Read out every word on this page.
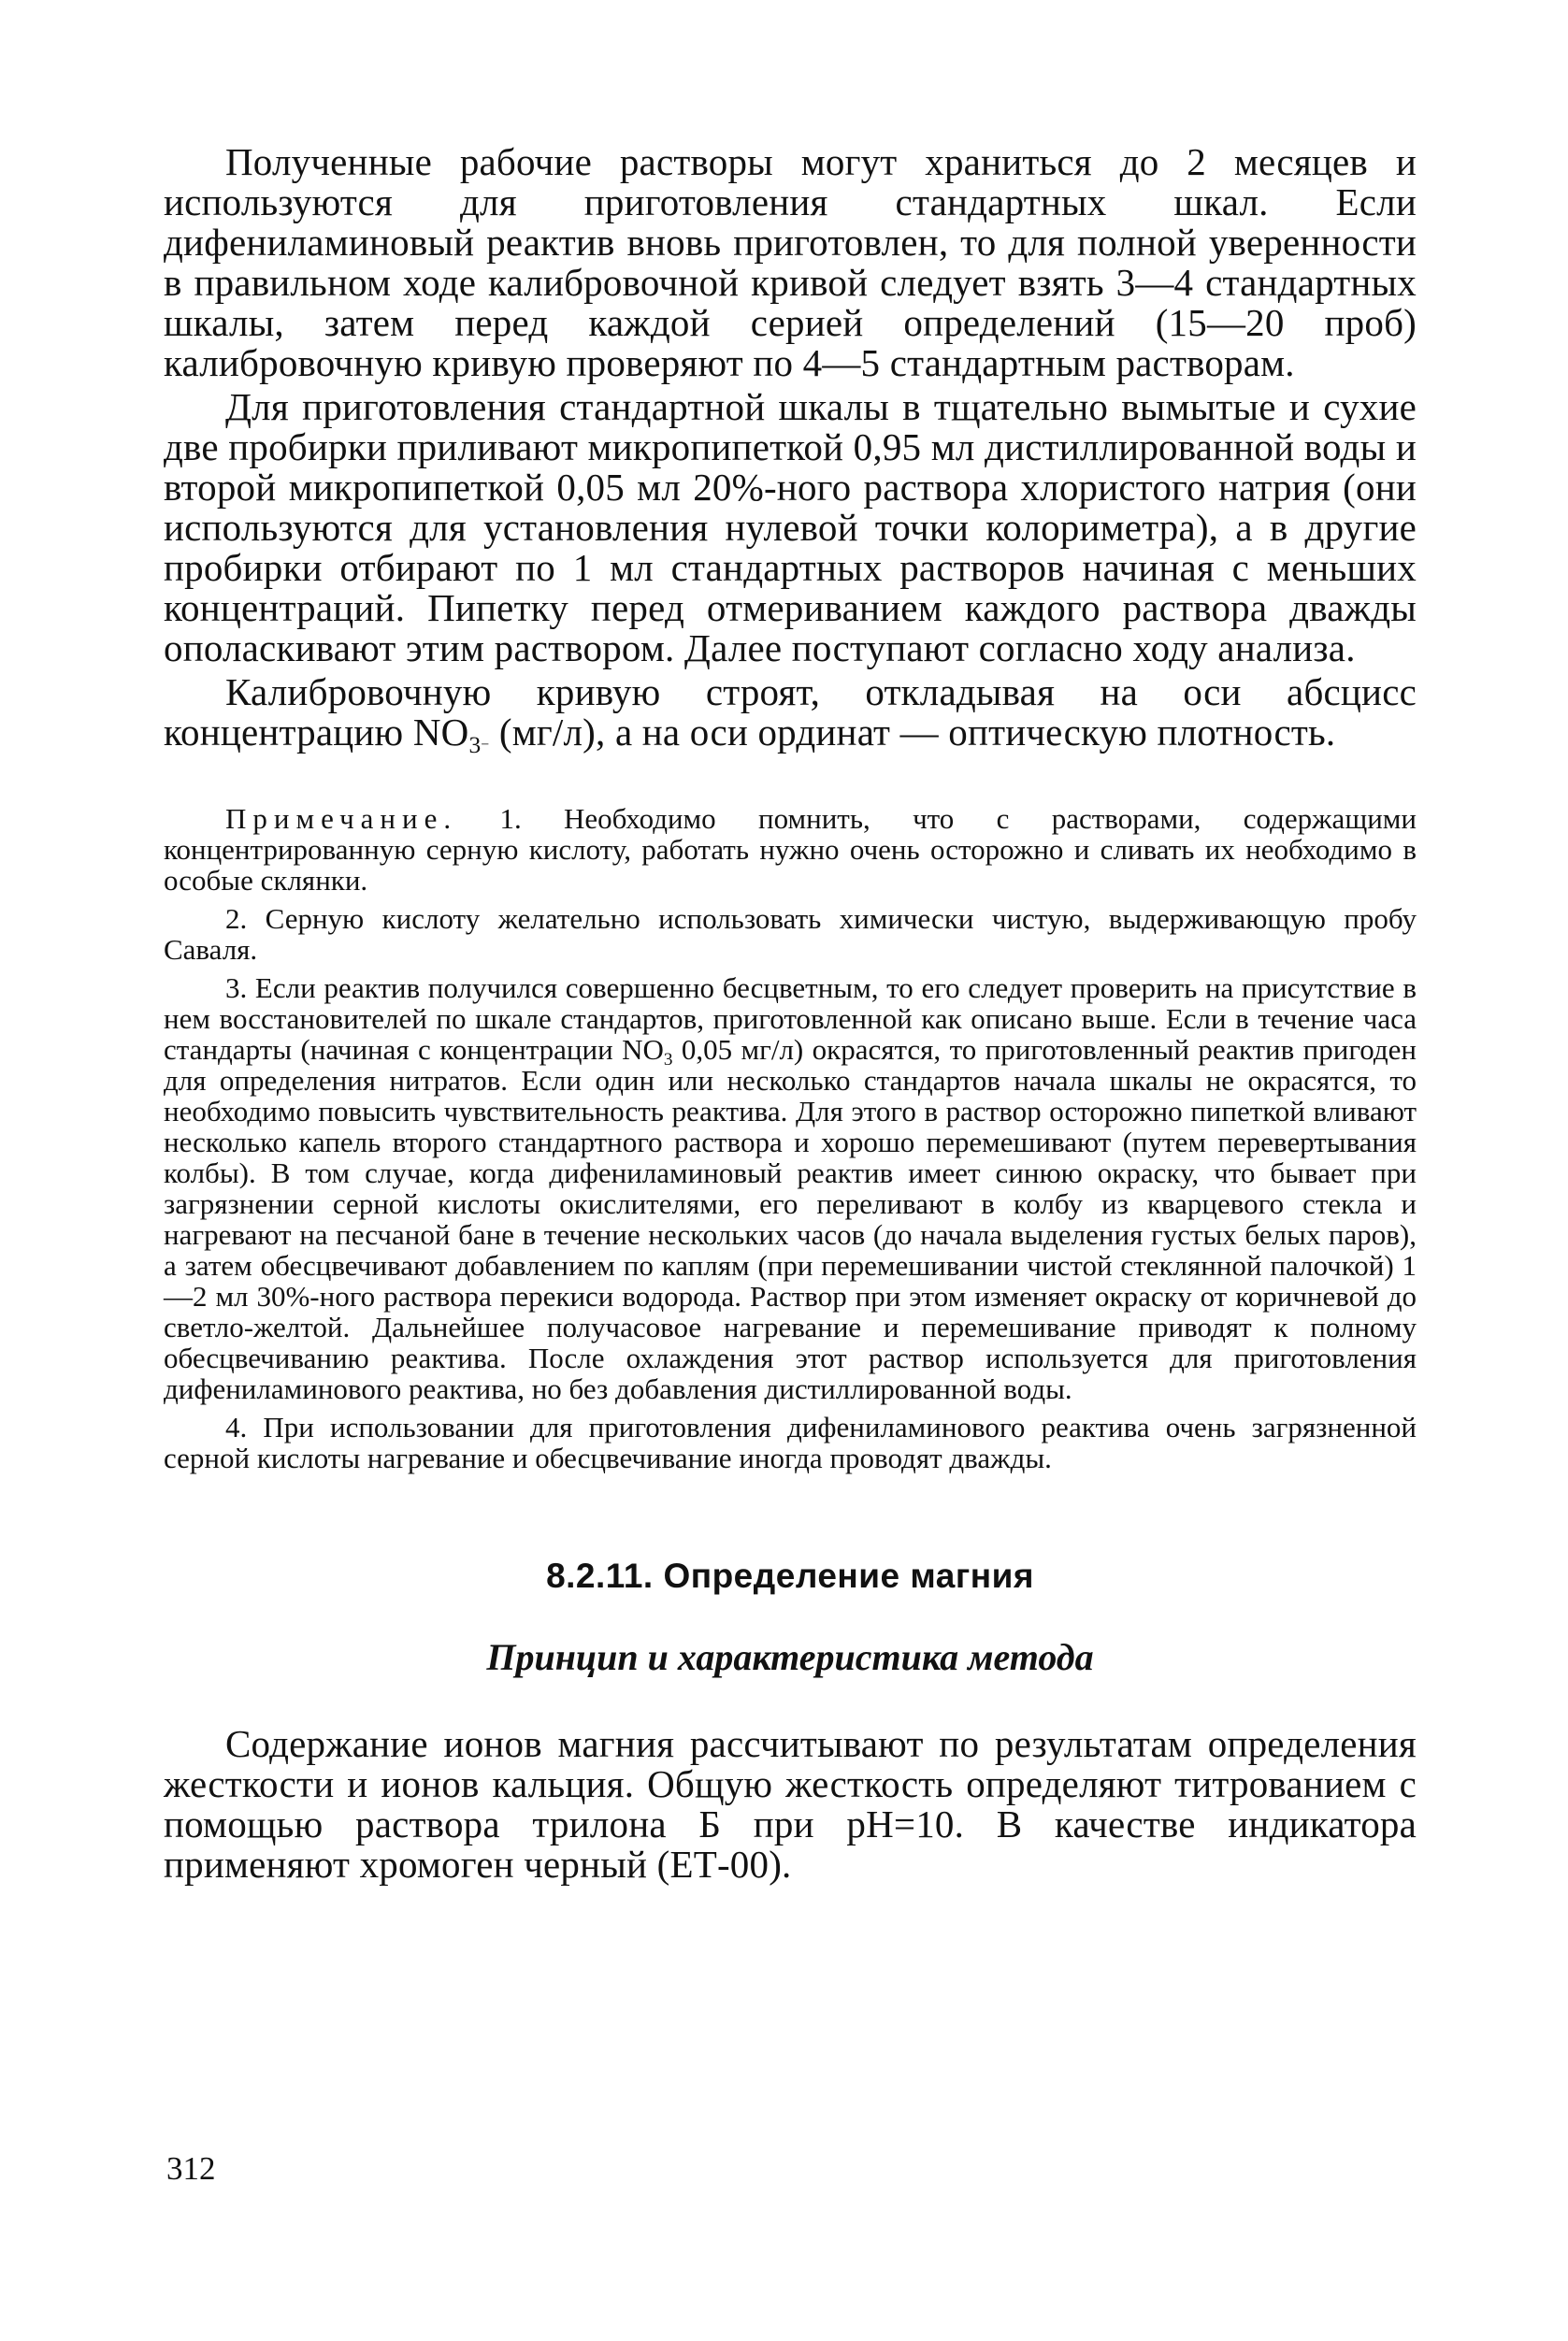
Полученные рабочие растворы могут храниться до 2 месяцев и используются для приготовления стандартных шкал. Если дифениламиновый реактив вновь приготовлен, то для полной уверенности в правильном ходе калибровочной кривой следует взять 3—4 стандартных шкалы, затем перед каждой серией определений (15—20 проб) калибровочную кривую проверяют по 4—5 стандартным растворам.

Для приготовления стандартной шкалы в тщательно вымытые и сухие две пробирки приливают микропипеткой 0,95 мл дистиллированной воды и второй микропипеткой 0,05 мл 20%-ного раствора хлористого натрия (они используются для установления нулевой точки колориметра), а в другие пробирки отбирают по 1 мл стандартных растворов начиная с меньших концентраций. Пипетку перед отмериванием каждого раствора дважды ополаскивают этим раствором. Далее поступают согласно ходу анализа.

Калибровочную кривую строят, откладывая на оси абсцисс концентрацию $NO_{3-}$ (мг/л), а на оси ординат — оптическую плотность.

Примечание. 1. Необходимо помнить, что с растворами, содержащими концентрированную серную кислоту, работать нужно очень осторожно и сливать их необходимо в особые склянки.

2. Серную кислоту желательно использовать химически чистую, выдерживающую пробу Саваля.

3. Если реактив получился совершенно бесцветным, то его следует проверить на присутствие в нем восстановителей по шкале стандартов, приготовленной как описано выше. Если в течение часа стандарты (начиная с концентрации $NO_3$ 0,05 мг/л) окрасятся, то приготовленный реактив пригоден для определения нитратов. Если один или несколько стандартов начала шкалы не окрасятся, то необходимо повысить чувствительность реактива. Для этого в раствор осторожно пипеткой вливают несколько капель второго стандартного раствора и хорошо перемешивают (путем перевертывания колбы). В том случае, когда дифениламиновый реактив имеет синюю окраску, что бывает при загрязнении серной кислоты окислителями, его переливают в колбу из кварцевого стекла и нагревают на песчаной бане в течение нескольких часов (до начала выделения густых белых паров), а затем обесцвечивают добавлением по каплям (при перемешивании чистой стеклянной палочкой) 1—2 мл 30%-ного раствора перекиси водорода. Раствор при этом изменяет окраску от коричневой до светло-желтой. Дальнейшее получасовое нагревание и перемешивание приводят к полному обесцвечиванию реактива. После охлаждения этот раствор используется для приготовления дифениламинового реактива, но без добавления дистиллированной воды.

4. При использовании для приготовления дифениламинового реактива очень загрязненной серной кислоты нагревание и обесцвечивание иногда проводят дважды.

8.2.11. Определение магния
Принцип и характеристика метода

Содержание ионов магния рассчитывают по результатам определения жесткости и ионов кальция. Общую жесткость определяют титрованием с помощью раствора трилона Б при pH=10. В качестве индикатора применяют хромоген черный (ЕТ-00).

312
